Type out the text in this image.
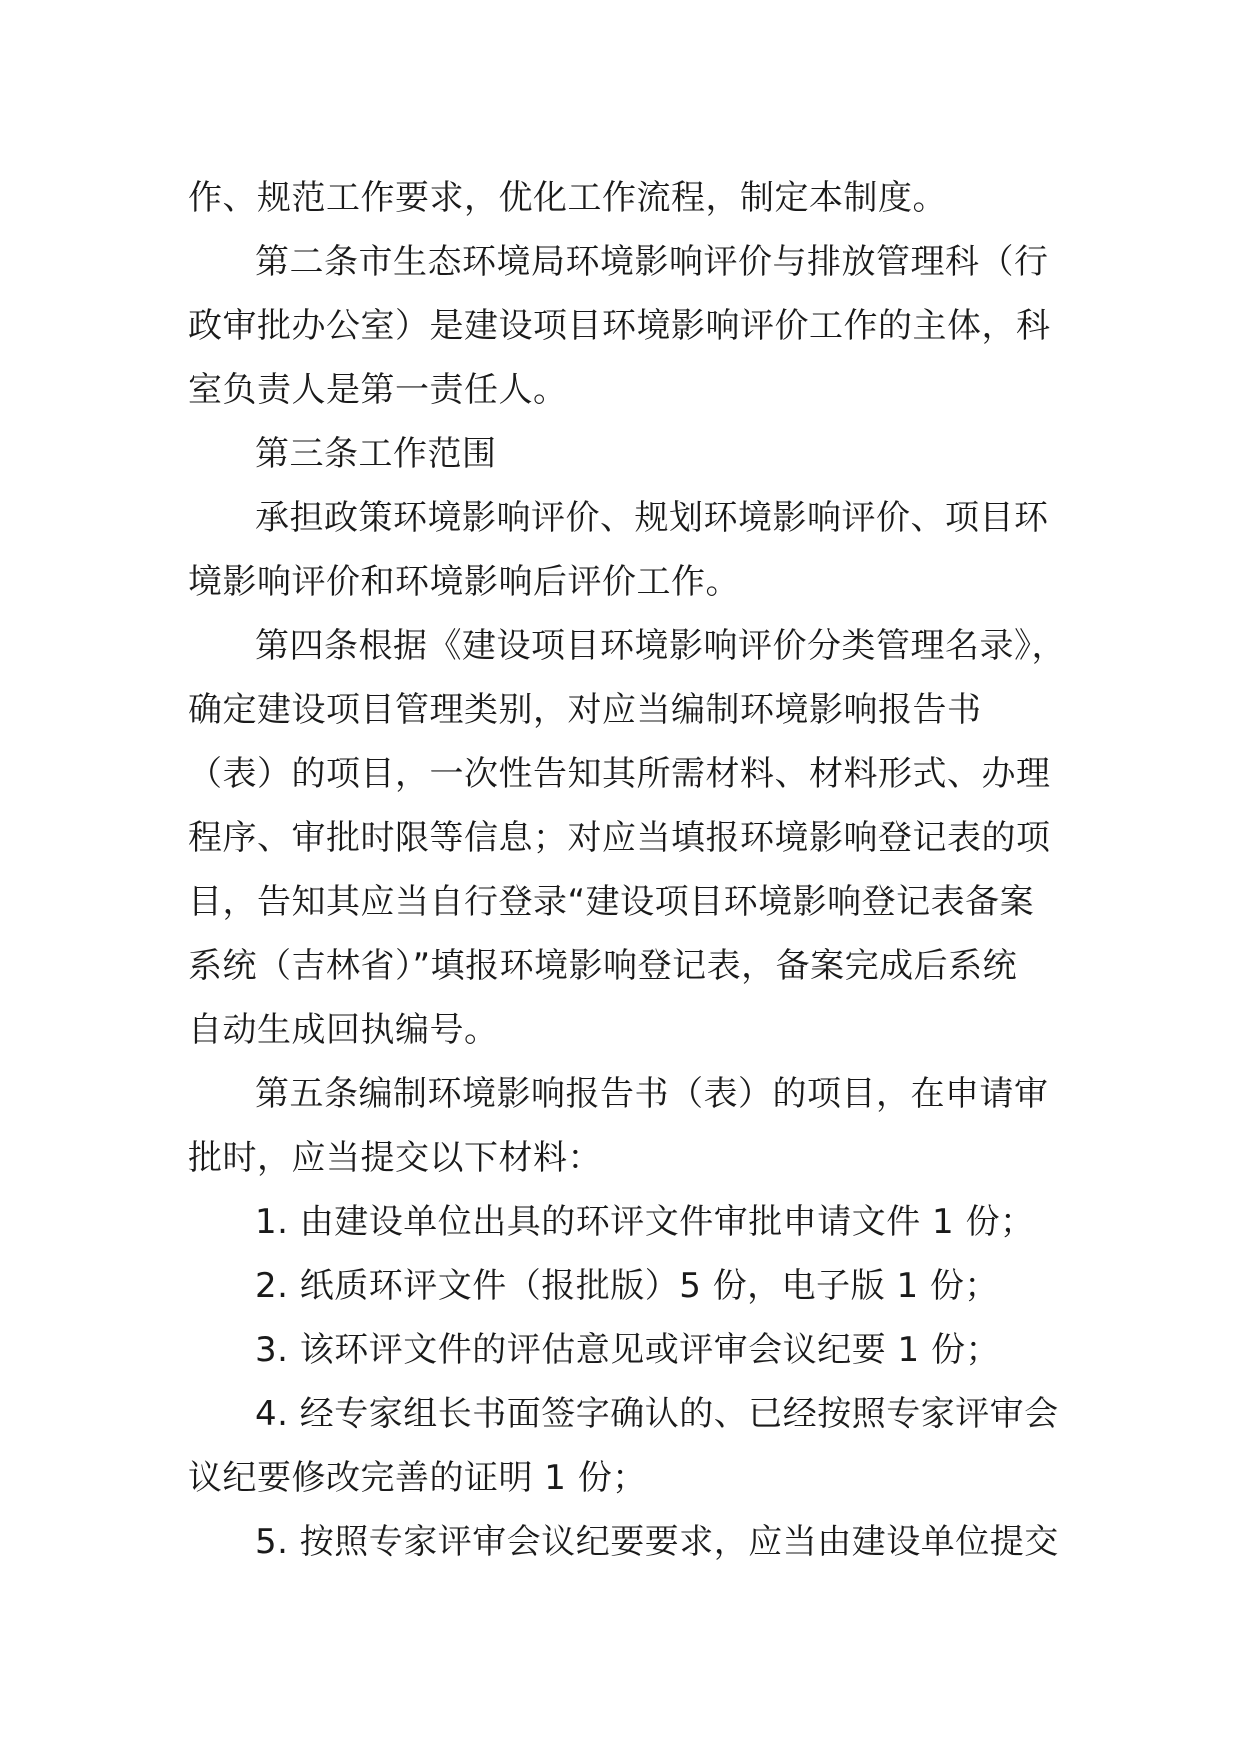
作、规范工作要求，优化工作流程，制定本制度。
第二条市生态环境局环境影响评价与排放管理科（行
政审批办公室）是建设项目环境影响评价工作的主体，科
室负责人是第一责任人。
第三条工作范围
承担政策环境影响评价、规划环境影响评价、项目环
境影响评价和环境影响后评价工作。
第四条根据《建设项目环境影响评价分类管理名录》，
确定建设项目管理类别，对应当编制环境影响报告书
（表）的项目，一次性告知其所需材料、材料形式、办理
程序、审批时限等信息；对应当填报环境影响登记表的项
目，告知其应当自行登录“建设项目环境影响登记表备案
系统（吉林省）”填报环境影响登记表，备案完成后系统
自动生成回执编号。
第五条编制环境影响报告书（表）的项目，在申请审
批时，应当提交以下材料：
1. 由建设单位出具的环评文件审批申请文件 1 份；
2. 纸质环评文件（报批版）5 份，电子版 1 份；
3. 该环评文件的评估意见或评审会议纪要 1 份；
4. 经专家组长书面签字确认的、已经按照专家评审会
议纪要修改完善的证明 1 份；
5. 按照专家评审会议纪要要求，应当由建设单位提交
